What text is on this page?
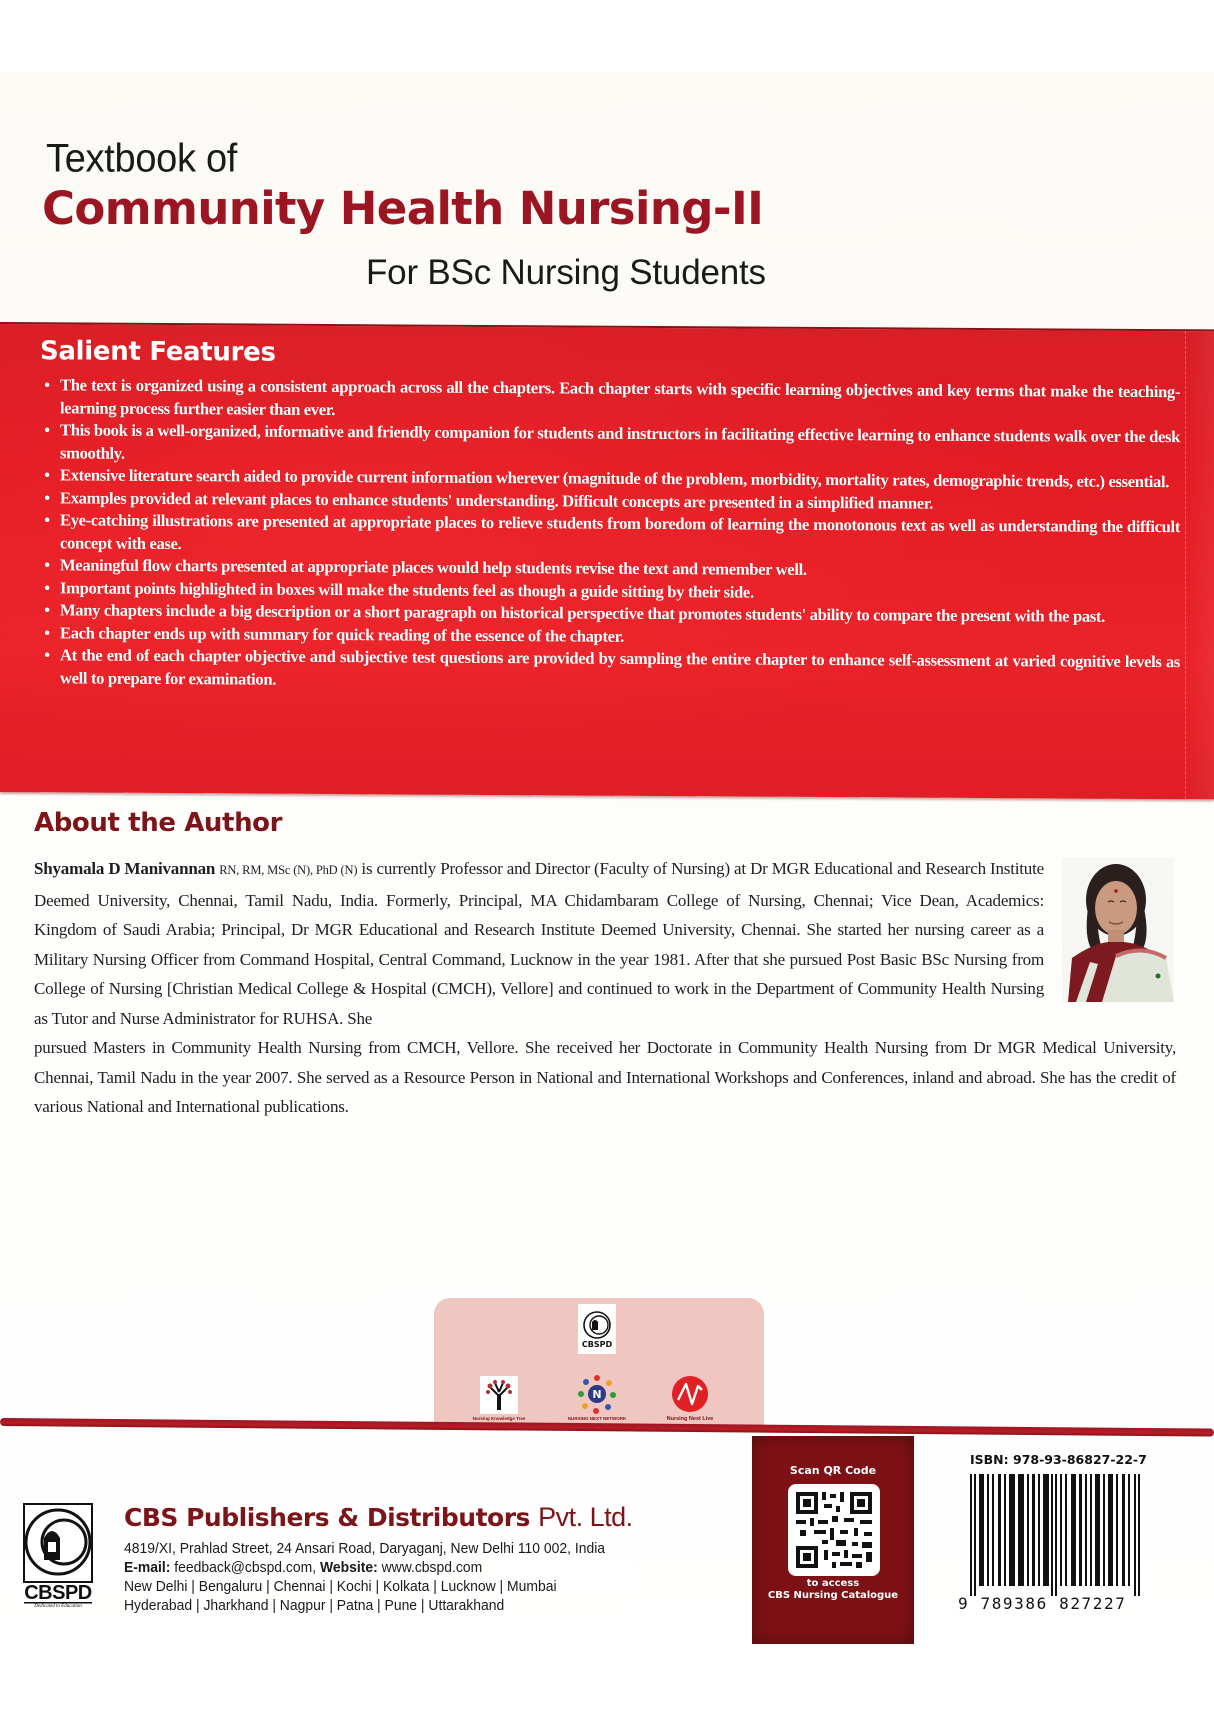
Textbook of
Community Health Nursing-II
For BSc Nursing Students
Salient Features
• The text is organized using a consistent approach across all the chapters. Each chapter starts with specific learning objectives and key terms that make the teaching-learning process further easier than ever.
• This book is a well-organized, informative and friendly companion for students and instructors in facilitating effective learning to enhance students walk over the desk smoothly.
• Extensive literature search aided to provide current information wherever (magnitude of the problem, morbidity, mortality rates, demographic trends, etc.) essential.
• Examples provided at relevant places to enhance students' understanding. Difficult concepts are presented in a simplified manner.
• Eye-catching illustrations are presented at appropriate places to relieve students from boredom of learning the monotonous text as well as understanding the difficult concept with ease.
• Meaningful flow charts presented at appropriate places would help students revise the text and remember well.
• Important points highlighted in boxes will make the students feel as though a guide sitting by their side.
• Many chapters include a big description or a short paragraph on historical perspective that promotes students' ability to compare the present with the past.
• Each chapter ends up with summary for quick reading of the essence of the chapter.
• At the end of each chapter objective and subjective test questions are provided by sampling the entire chapter to enhance self-assessment at varied cognitive levels as well to prepare for examination.
About the Author

Shyamala D Manivannan RN, RM, MSc (N), PhD (N) is currently Professor and Director (Faculty of Nursing) at Dr MGR Educational and Research Institute Deemed University, Chennai, Tamil Nadu, India. Formerly, Principal, MA Chidambaram College of Nursing, Chennai; Vice Dean, Academics: Kingdom of Saudi Arabia; Principal, Dr MGR Educational and Research Institute Deemed University, Chennai. She started her nursing career as a Military Nursing Officer from Command Hospital, Central Command, Lucknow in the year 1981. After that she pursued Post Basic BSc Nursing from College of Nursing [Christian Medical College & Hospital (CMCH), Vellore] and continued to work in the Department of Community Health Nursing as Tutor and Nurse Administrator for RUHSA. She

pursued Masters in Community Health Nursing from CMCH, Vellore. She received her Doctorate in Community Health Nursing from Dr MGR Medical University, Chennai, Tamil Nadu in the year 2007. She served as a Resource Person in National and International Workshops and Conferences, inland and abroad. She has the credit of various National and International publications.

CBSPD
Nursing Knowledge Tree
N
NURSING NEXT NETWORK	Nursing Next Live
CBSPD
Dedicated to Education
CBS Publishers & Distributors Pvt. Ltd.
4819/XI, Prahlad Street, 24 Ansari Road, Daryaganj, New Delhi 110 002, India
E-mail: feedback@cbspd.com, Website: www.cbspd.com
New Delhi | Bengaluru | Chennai | Kochi | Kolkata | Lucknow | Mumbai
Hyderabad | Jharkhand | Nagpur | Patna | Pune | Uttarakhand
Scan QR Code
to access
CBS Nursing Catalogue
ISBN: 978-93-86827-22-7
9 789386 827227
